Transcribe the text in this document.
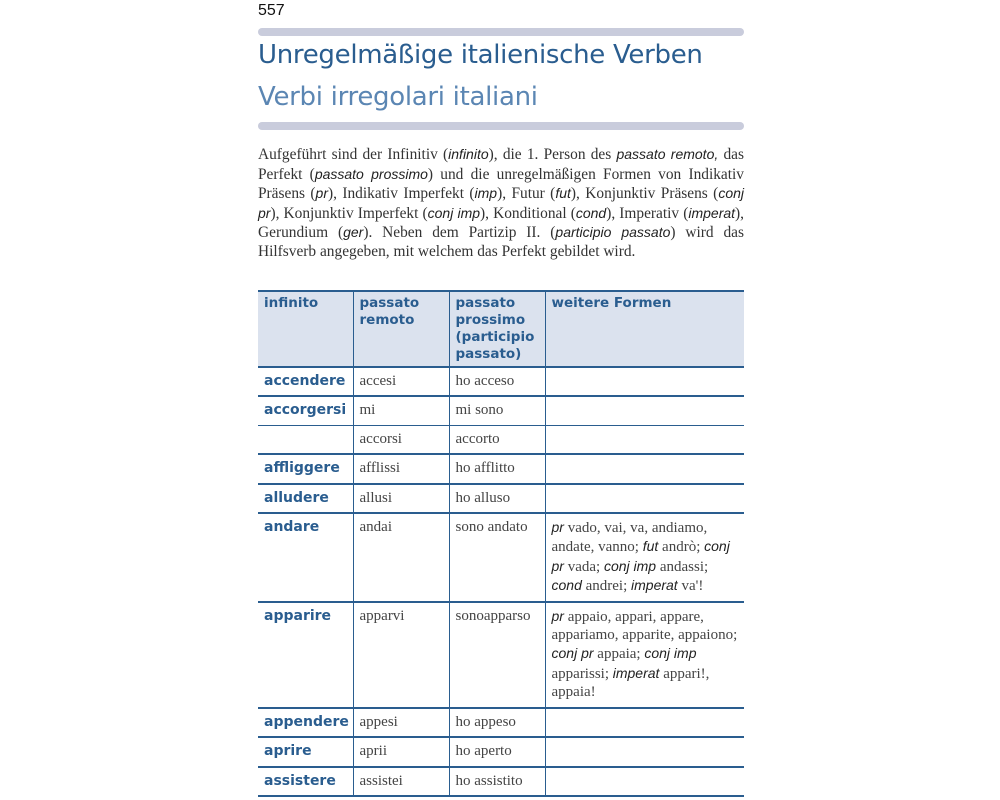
557
Unregelmäßige italienische Verben
Verbi irregolari italiani
Aufgeführt sind der Infinitiv (infinito), die 1. Person des passato remoto, das Perfekt (passato prossimo) und die unregelmäßigen Formen von Indikativ Präsens (pr), Indikativ Imperfekt (imp), Futur (fut), Konjunktiv Präsens (conj pr), Konjunktiv Imperfekt (conj imp), Konditional (cond), Imperativ (imperat), Gerundium (ger). Neben dem Partizip II. (participio passato) wird das Hilfsverb angegeben, mit welchem das Perfekt gebildet wird.
infinito	passato remoto	passato prossimo (participio passato)	weitere Formen
accendere	accesi	ho acceso	
accorgersi	mi	mi sono	
	accorsi	accorto	
affliggere	afflissi	ho afflitto	
alludere	allusi	ho alluso	
andare	andai	sono andato	pr vado, vai, va, andiamo, andate, vanno; fut andrò; conj pr vada; conj imp andassi; cond andrei; imperat va'!
apparire	apparvi	sonoapparso	pr appaio, appari, appare, appariamo, apparite, appaiono; conj pr appaia; conj imp apparissi; imperat appari!, appaia!
appendere	appesi	ho appeso	
aprire	aprii	ho aperto	
assistere	assistei	ho assistito	
